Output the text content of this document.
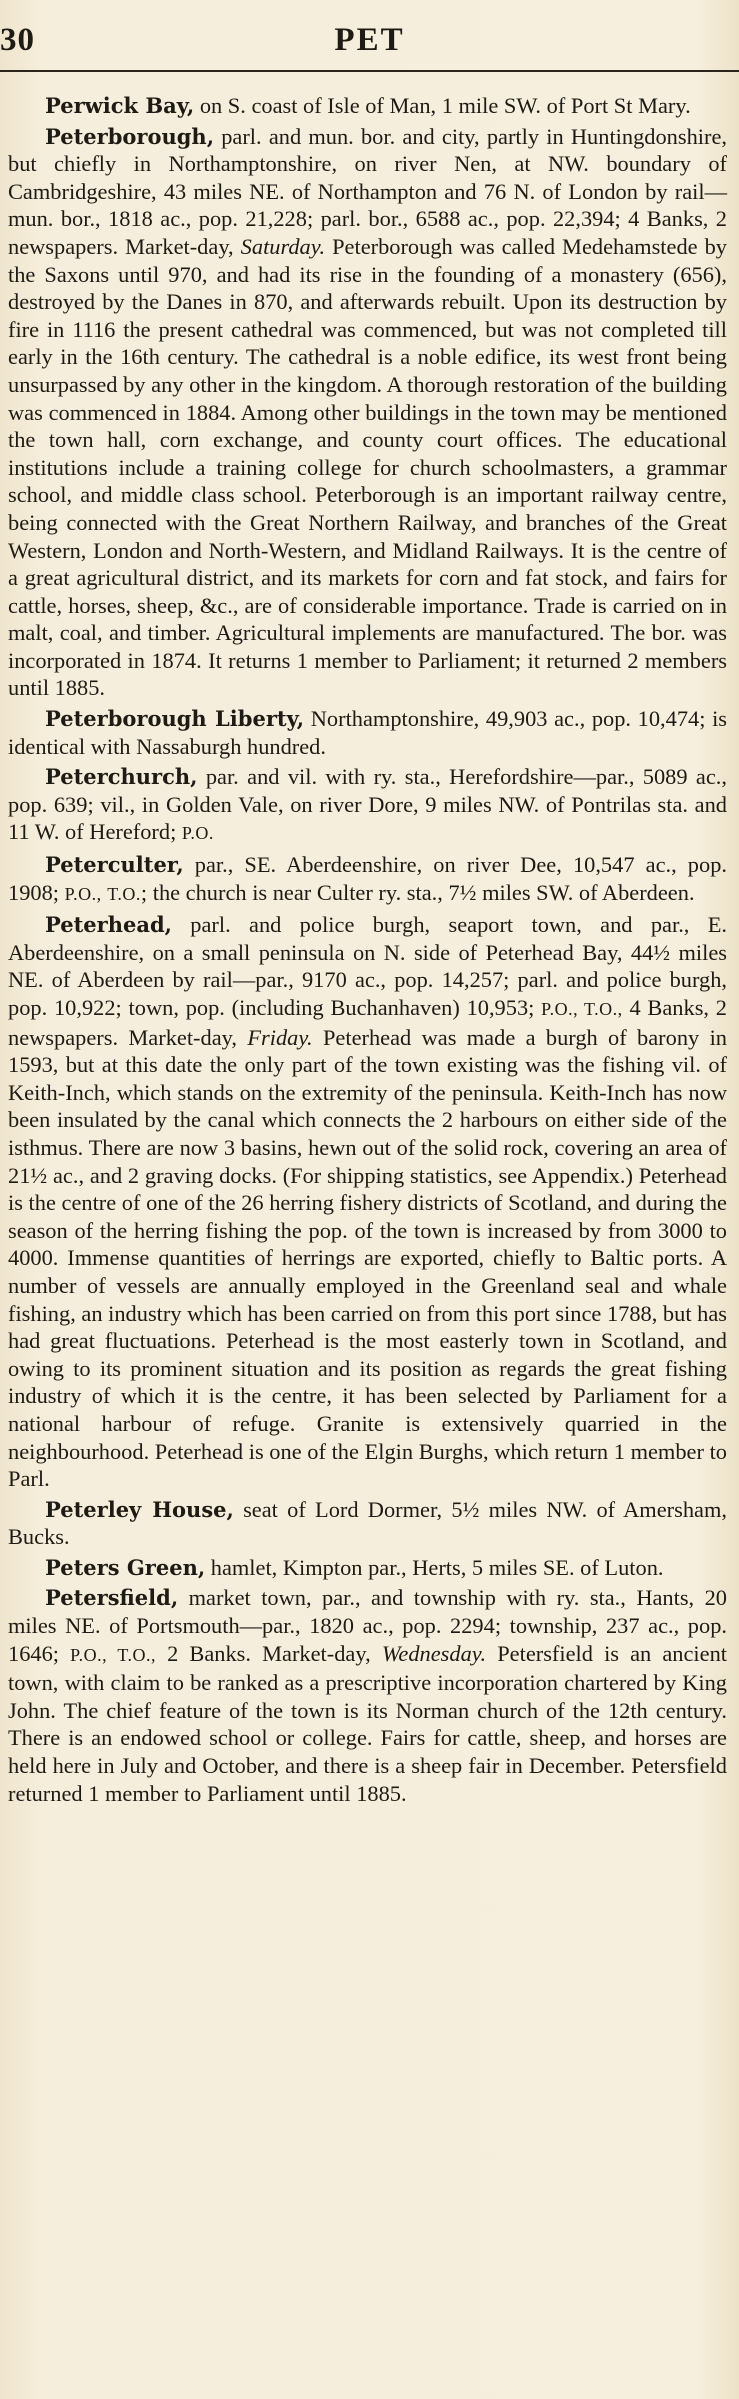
30	PET

Perwick Bay, on S. coast of Isle of Man, 1 mile SW. of Port St Mary.

Peterborough, parl. and mun. bor. and city, partly in Huntingdonshire, but chiefly in Northamptonshire, on river Nen, at NW. boundary of Cambridgeshire, 43 miles NE. of Northampton and 76 N. of London by rail—mun. bor., 1818 ac., pop. 21,228; parl. bor., 6588 ac., pop. 22,394; 4 Banks, 2 newspapers. Market-day, Saturday. Peterborough was called Medehamstede by the Saxons until 970, and had its rise in the founding of a monastery (656), destroyed by the Danes in 870, and afterwards rebuilt. Upon its destruction by fire in 1116 the present cathedral was commenced, but was not completed till early in the 16th century. The cathedral is a noble edifice, its west front being unsurpassed by any other in the kingdom. A thorough restoration of the building was commenced in 1884. Among other buildings in the town may be mentioned the town hall, corn exchange, and county court offices. The educational institutions include a training college for church schoolmasters, a grammar school, and middle class school. Peterborough is an important railway centre, being connected with the Great Northern Railway, and branches of the Great Western, London and North-Western, and Midland Railways. It is the centre of a great agricultural district, and its markets for corn and fat stock, and fairs for cattle, horses, sheep, &c., are of considerable importance. Trade is carried on in malt, coal, and timber. Agricultural implements are manufactured. The bor. was incorporated in 1874. It returns 1 member to Parliament; it returned 2 members until 1885.

Peterborough Liberty, Northamptonshire, 49,903 ac., pop. 10,474; is identical with Nassaburgh hundred.

Peterchurch, par. and vil. with ry. sta., Herefordshire—par., 5089 ac., pop. 639; vil., in Golden Vale, on river Dore, 9 miles NW. of Pontrilas sta. and 11 W. of Hereford; P.O.

Peterculter, par., SE. Aberdeenshire, on river Dee, 10,547 ac., pop. 1908; P.O., T.O.; the church is near Culter ry. sta., 7½ miles SW. of Aberdeen.

Peterhead, parl. and police burgh, seaport town, and par., E. Aberdeenshire, on a small peninsula on N. side of Peterhead Bay, 44½ miles NE. of Aberdeen by rail—par., 9170 ac., pop. 14,257; parl. and police burgh, pop. 10,922; town, pop. (including Buchanhaven) 10,953; P.O., T.O., 4 Banks, 2 newspapers. Market-day, Friday. Peterhead was made a burgh of barony in 1593, but at this date the only part of the town existing was the fishing vil. of Keith-Inch, which stands on the extremity of the peninsula. Keith-Inch has now been insulated by the canal which connects the 2 harbours on either side of the isthmus. There are now 3 basins, hewn out of the solid rock, covering an area of 21½ ac., and 2 graving docks. (For shipping statistics, see Appendix.) Peterhead is the centre of one of the 26 herring fishery districts of Scotland, and during the season of the herring fishing the pop. of the town is increased by from 3000 to 4000. Immense quantities of herrings are exported, chiefly to Baltic ports. A number of vessels are annually employed in the Greenland seal and whale fishing, an industry which has been carried on from this port since 1788, but has had great fluctuations. Peterhead is the most easterly town in Scotland, and owing to its prominent situation and its position as regards the great fishing industry of which it is the centre, it has been selected by Parliament for a national harbour of refuge. Granite is extensively quarried in the neighbourhood. Peterhead is one of the Elgin Burghs, which return 1 member to Parl.

Peterley House, seat of Lord Dormer, 5½ miles NW. of Amersham, Bucks.

Peters Green, hamlet, Kimpton par., Herts, 5 miles SE. of Luton.

Petersfield, market town, par., and township with ry. sta., Hants, 20 miles NE. of Portsmouth—par., 1820 ac., pop. 2294; township, 237 ac., pop. 1646; P.O., T.O., 2 Banks. Market-day, Wednesday. Petersfield is an ancient town, with claim to be ranked as a prescriptive incorporation chartered by King John. The chief feature of the town is its Norman church of the 12th century. There is an endowed school or college. Fairs for cattle, sheep, and horses are held here in July and October, and there is a sheep fair in December. Petersfield returned 1 member to Parliament until 1885.
